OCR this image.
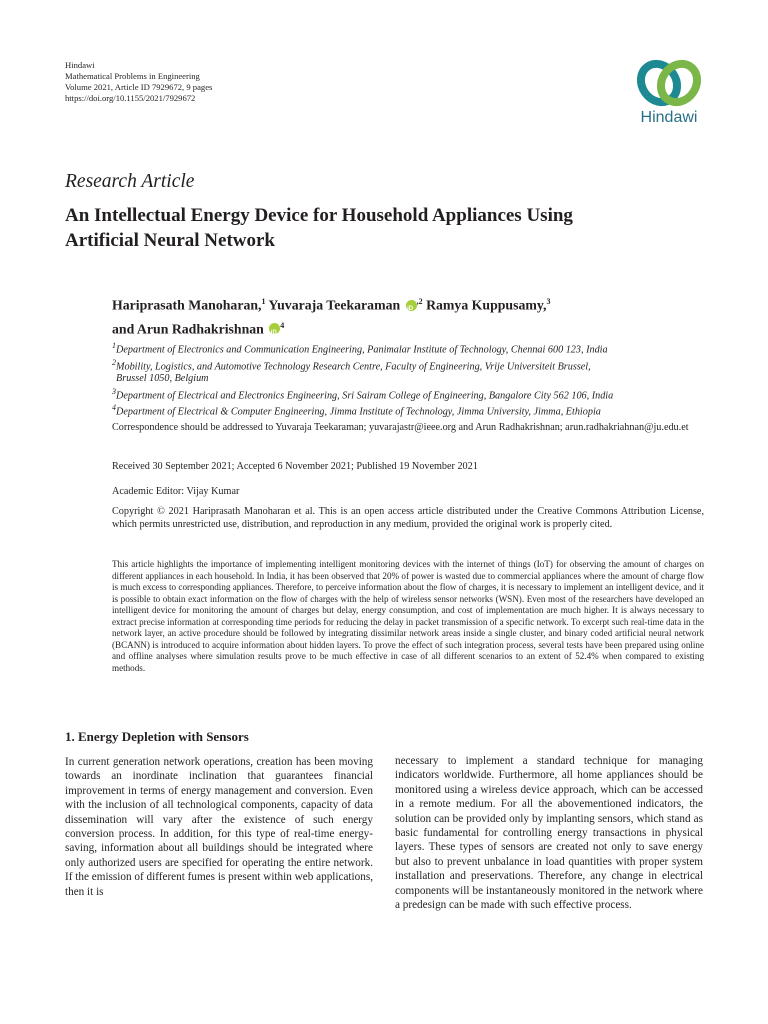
Hindawi
Mathematical Problems in Engineering
Volume 2021, Article ID 7929672, 9 pages
https://doi.org/10.1155/2021/7929672
Hindawi
Research Article
An Intellectual Energy Device for Household Appliances Using
Artificial Neural Network
Hariprasath Manoharan,$^1$ Yuvaraja Teekaraman iD $^{,2}$ Ramya Kuppusamy,$^3$
and Arun Radhakrishnan iD $^4$
$^1$Department of Electronics and Communication Engineering, Panimalar Institute of Technology, Chennai 600 123, India
$^2$Mobility, Logistics, and Automotive Technology Research Centre, Faculty of Engineering, Vrije Universiteit Brussel,
Brussel 1050, Belgium
$^3$Department of Electrical and Electronics Engineering, Sri Sairam College of Engineering, Bangalore City 562 106, India
$^4$Department of Electrical & Computer Engineering, Jimma Institute of Technology, Jimma University, Jimma, Ethiopia
Correspondence should be addressed to Yuvaraja Teekaraman; yuvarajastr@ieee.org and Arun Radhakrishnan; arun.radhakriahnan@ju.edu.et
Received 30 September 2021; Accepted 6 November 2021; Published 19 November 2021
Academic Editor: Vijay Kumar
Copyright © 2021 Hariprasath Manoharan et al. This is an open access article distributed under the Creative Commons Attribution License, which permits unrestricted use, distribution, and reproduction in any medium, provided the original work is properly cited.
This article highlights the importance of implementing intelligent monitoring devices with the internet of things (IoT) for observing the amount of charges on different appliances in each household. In India, it has been observed that 20% of power is wasted due to commercial appliances where the amount of charge flow is much excess to corresponding appliances. Therefore, to perceive information about the flow of charges, it is necessary to implement an intelligent device, and it is possible to obtain exact information on the flow of charges with the help of wireless sensor networks (WSN). Even most of the researchers have developed an intelligent device for monitoring the amount of charges but delay, energy consumption, and cost of implementation are much higher. It is always necessary to extract precise information at corresponding time periods for reducing the delay in packet transmission of a specific network. To excerpt such real-time data in the network layer, an active procedure should be followed by integrating dissimilar network areas inside a single cluster, and binary coded artificial neural network (BCANN) is introduced to acquire information about hidden layers. To prove the effect of such integration process, several tests have been prepared using online and offline analyses where simulation results prove to be much effective in case of all different scenarios to an extent of 52.4% when compared to existing methods.
1. Energy Depletion with Sensors
In current generation network operations, creation has been moving towards an inordinate inclination that guarantees financial improvement in terms of energy management and conversion. Even with the inclusion of all technological components, capacity of data dissemination will vary after the existence of such energy conversion process. In addition, for this type of real-time energy-saving, information about all buildings should be integrated where only authorized users are specified for operating the entire network. If the emission of different fumes is present within web applications, then it is
necessary to implement a standard technique for managing indicators worldwide. Furthermore, all home appliances should be monitored using a wireless device approach, which can be accessed in a remote medium. For all the abovementioned indicators, the solution can be provided only by implanting sensors, which stand as basic fundamental for controlling energy transactions in physical layers. These types of sensors are created not only to save energy but also to prevent unbalance in load quantities with proper system installation and preservations. Therefore, any change in electrical components will be instantaneously monitored in the network where a predesign can be made with such effective process.
